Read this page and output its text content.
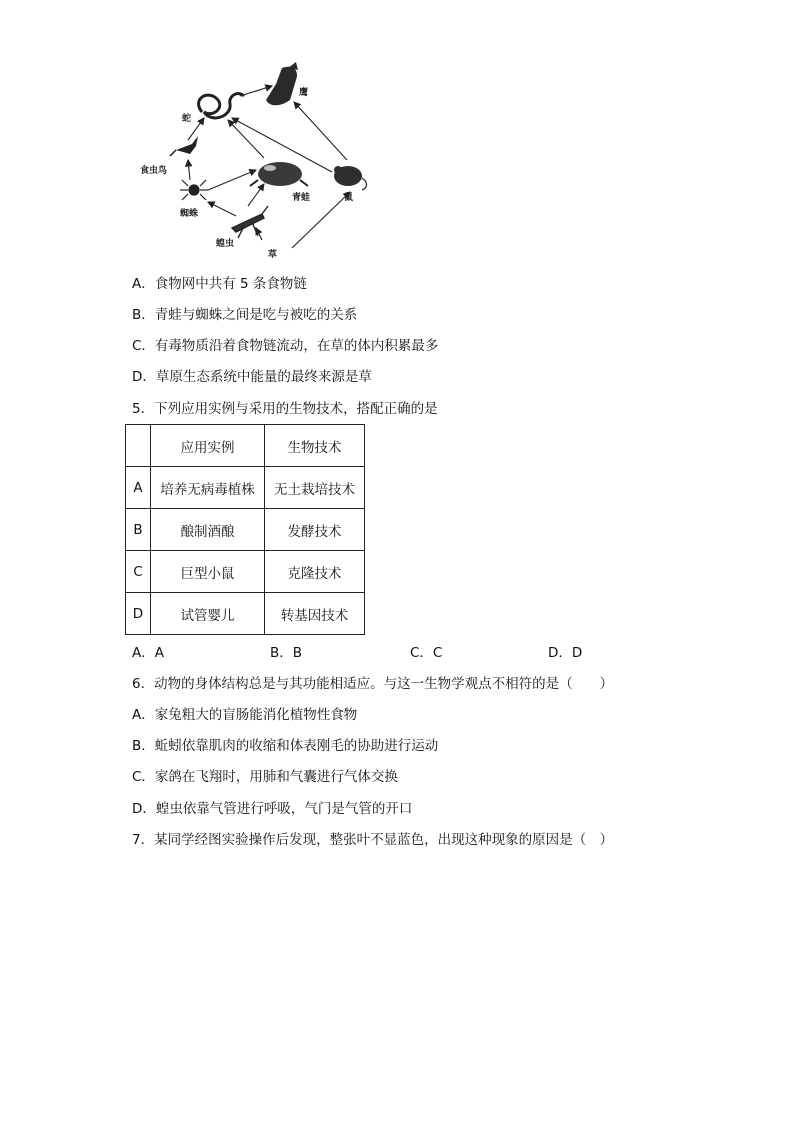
蛇
鹰
食虫鸟
蜘蛛
青蛙	鼠
蝗虫
草
A．食物网中共有 5 条食物链
B．青蛙与蜘蛛之间是吃与被吃的关系
C．有毒物质沿着食物链流动，在草的体内积累最多
D．草原生态系统中能量的最终来源是草
5．下列应用实例与采用的生物技术，搭配正确的是
	应用实例	生物技术
A	培养无病毒植株	无土栽培技术
B	酿制酒酿	发酵技术
C	巨型小鼠	克隆技术
D	试管婴儿	转基因技术
A．A	B．B	C．C	D．D
6．动物的身体结构总是与其功能相适应。与这一生物学观点不相符的是（　　）
A．家兔粗大的盲肠能消化植物性食物
B．蚯蚓依靠肌肉的收缩和体表刚毛的协助进行运动
C．家鸽在飞翔时，用肺和气囊进行气体交换
D．蝗虫依靠气管进行呼吸，气门是气管的开口
7．某同学经图实验操作后发现，整张叶不显蓝色，出现这种现象的原因是（　）
